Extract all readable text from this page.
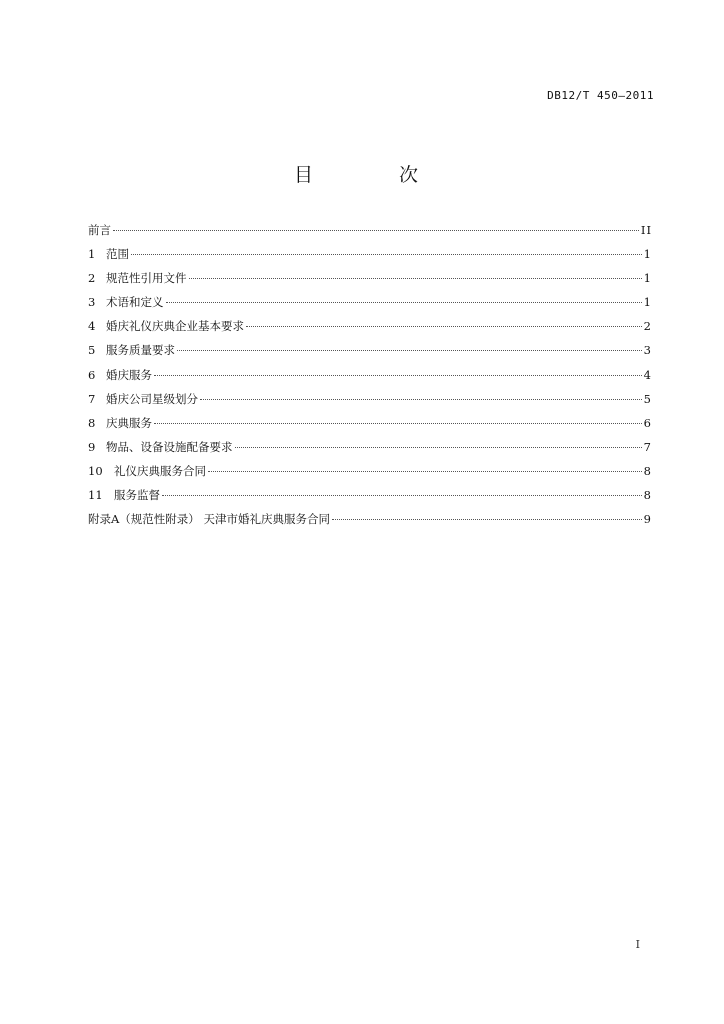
DB12/T 450—2011
目 次
前言	II
1 范围	1
2 规范性引用文件	1
3 术语和定义	1
4 婚庆礼仪庆典企业基本要求	2
5 服务质量要求	3
6 婚庆服务	4
7 婚庆公司星级划分	5
8 庆典服务	6
9 物品、设备设施配备要求	7
10 礼仪庆典服务合同	8
11 服务监督	8
附录A（规范性附录） 天津市婚礼庆典服务合同	9
I
